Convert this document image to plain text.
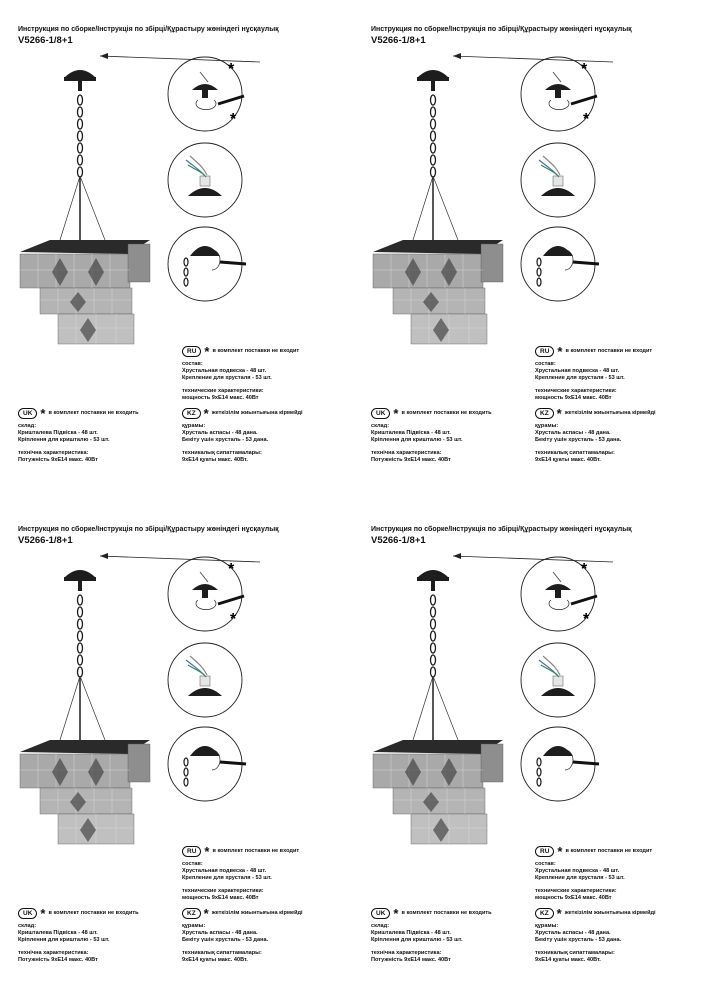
Инструкция по сборке/Інструкція по збірці/Құрастыру жөніндегі нұсқаулық
V5266-1/8+1
*
*
RU * в комплект поставки не входит
состав:
Хрустальная подвеска - 48 шт.
Крепление для хрусталя - 53 шт.
технические характеристики:
мощность 9хЕ14 макс. 40Вт
UK * в комплект поставки не входить
склад:
Кришталева Підвіска - 48 шт.
Кріплення для кришталю - 53 шт.
технічна характеристика:
Потужність 9хЕ14 макс. 40Вт
KZ * жеткізілім жиынтығына кірмейді
құрамы:
Хрусталь аспасы - 48 дана.
Бекіту үшін хрусталь - 53 дана.
техникалық сипаттамалары:
9хЕ14 қуаты макс. 40Вт.
Инструкция по сборке/Інструкція по збірці/Құрастыру жөніндегі нұсқаулық
V5266-1/8+1
*
*
RU * в комплект поставки не входит
состав:
Хрустальная подвеска - 48 шт.
Крепление для хрусталя - 53 шт.
технические характеристики:
мощность 9хЕ14 макс. 40Вт
UK * в комплект поставки не входить
склад:
Кришталева Підвіска - 48 шт.
Кріплення для кришталю - 53 шт.
технічна характеристика:
Потужність 9хЕ14 макс. 40Вт
KZ * жеткізілім жиынтығына кірмейді
құрамы:
Хрусталь аспасы - 48 дана.
Бекіту үшін хрусталь - 53 дана.
техникалық сипаттамалары:
9хЕ14 қуаты макс. 40Вт.
Инструкция по сборке/Інструкція по збірці/Құрастыру жөніндегі нұсқаулық
V5266-1/8+1
*
*
RU * в комплект поставки не входит
состав:
Хрустальная подвеска - 48 шт.
Крепление для хрусталя - 53 шт.
технические характеристики:
мощность 9хЕ14 макс. 40Вт
UK * в комплект поставки не входить
склад:
Кришталева Підвіска - 48 шт.
Кріплення для кришталю - 53 шт.
технічна характеристика:
Потужність 9хЕ14 макс. 40Вт
KZ * жеткізілім жиынтығына кірмейді
құрамы:
Хрусталь аспасы - 48 дана.
Бекіту үшін хрусталь - 53 дана.
техникалық сипаттамалары:
9хЕ14 қуаты макс. 40Вт.
Инструкция по сборке/Інструкція по збірці/Құрастыру жөніндегі нұсқаулық
V5266-1/8+1
*
*
RU * в комплект поставки не входит
состав:
Хрустальная подвеска - 48 шт.
Крепление для хрусталя - 53 шт.
технические характеристики:
мощность 9хЕ14 макс. 40Вт
UK * в комплект поставки не входить
склад:
Кришталева Підвіска - 48 шт.
Кріплення для кришталю - 53 шт.
технічна характеристика:
Потужність 9хЕ14 макс. 40Вт
KZ * жеткізілім жиынтығына кірмейді
құрамы:
Хрусталь аспасы - 48 дана.
Бекіту үшін хрусталь - 53 дана.
техникалық сипаттамалары:
9хЕ14 қуаты макс. 40Вт.
